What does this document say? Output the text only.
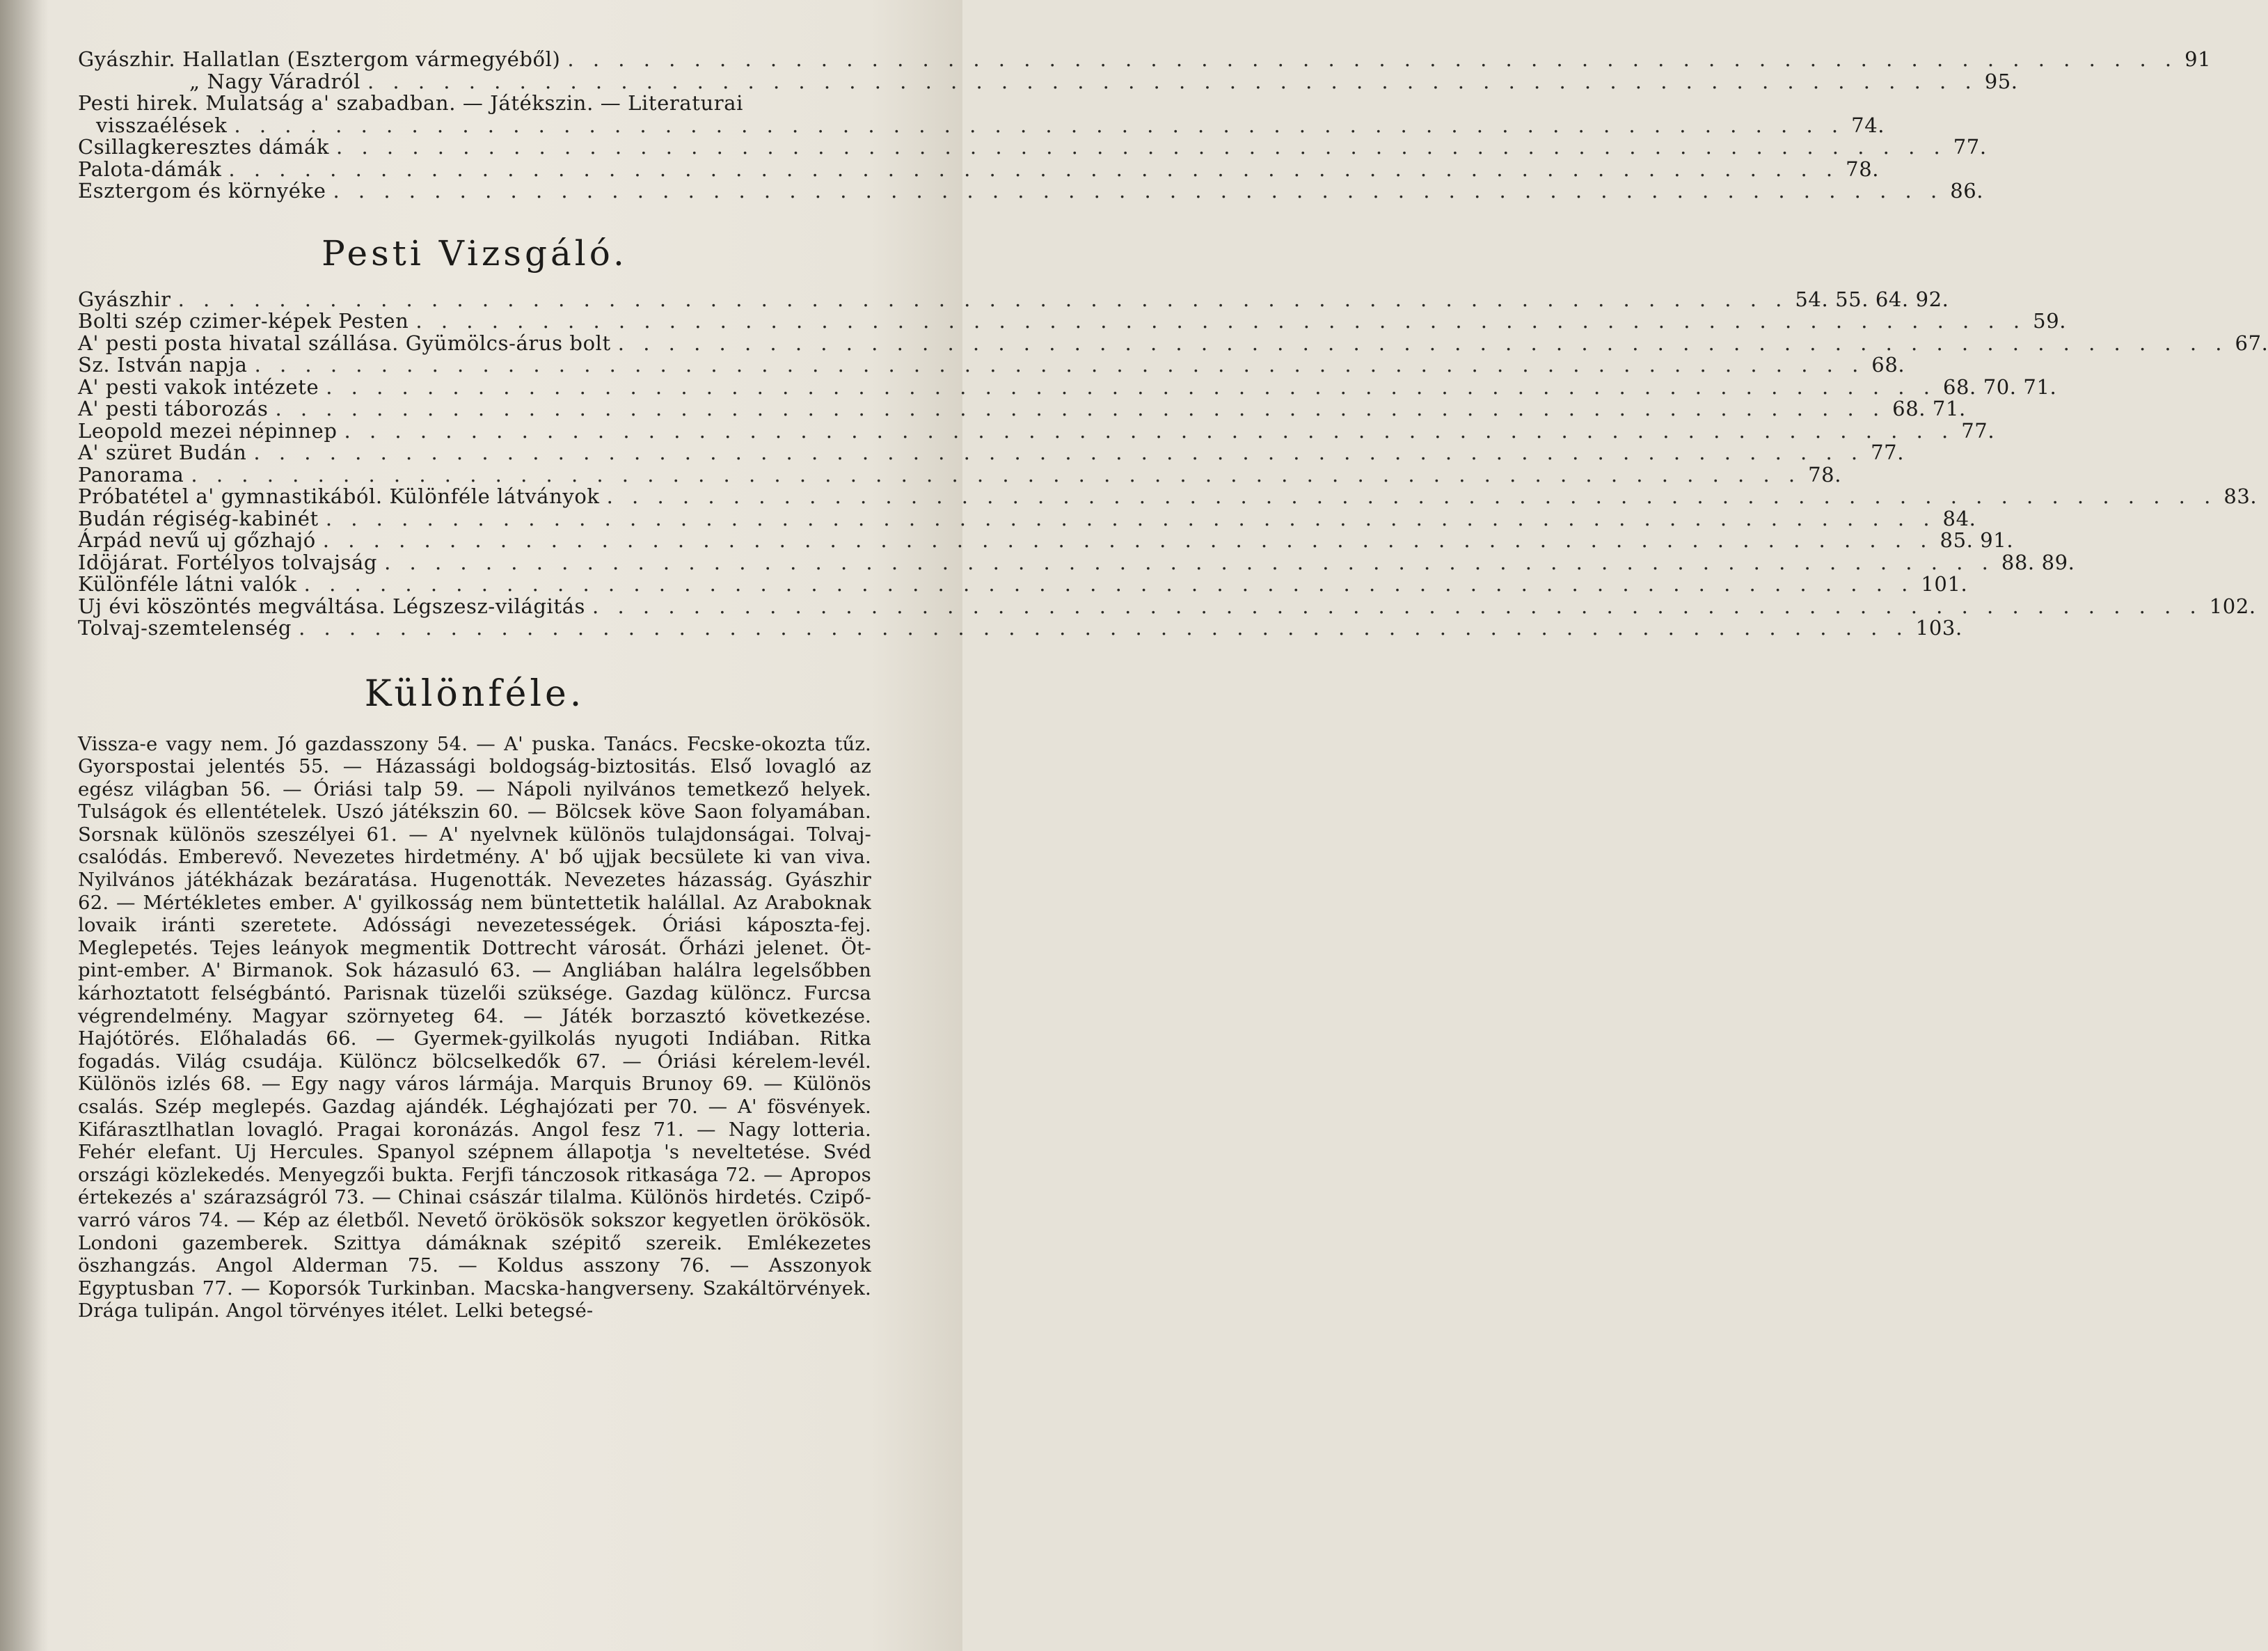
Gyászhir. Hallatlan (Esztergom vármegyéből) . . .	91
„ Nagy Váradról . . .	95.
Pesti hirek. Mulatság a' szabadban. — Játékszin. — Literaturai
visszaélések . . .	74.
Csillagkeresztes dámák . . .	77.
Palota-dámák . . .	78.
Esztergom és környéke . . .	86.
Pesti Vizsgáló.
Gyászhir . . .	54. 55. 64. 92.
Bolti szép czimer-képek Pesten . . .	59.
A' pesti posta hivatal szállása. Gyümölcs-árus bolt . . .	67.
Sz. István napja . . .	68.
A' pesti vakok intézete . . .	68. 70. 71.
A' pesti táborozás . . .	68. 71.
Leopold mezei népinnep . . .	77.
A' szüret Budán . . .	77.
Panorama . . .	78.
Próbatétel a' gymnastikából. Különféle látványok . . .	83.
Budán régiség-kabinét . . .	84.
Árpád nevű uj gőzhajó . . .	85. 91.
Idöjárat. Fortélyos tolvajság . . .	88. 89.
Különféle látni valók . . .	101.
Uj évi köszöntés megváltása. Légszesz-világitás . . .	102.
Tolvaj-szemtelenség . . .	103.
Különféle.

Vissza-e vagy nem. Jó gazdasszony 54. — A' puska. Tanács. Fecske-okozta tűz. Gyorspostai jelentés 55. — Házassági boldogság-biztositás. Első lovagló az egész világban 56. — Óriási talp 59. — Nápoli nyilvános temetkező helyek. Tulságok és ellentételek. Uszó játékszin 60. — Bölcsek köve Saon folyamában. Sorsnak különös szeszélyei 61. — A' nyelvnek különös tulajdonságai. Tolvaj-csalódás. Emberevő. Nevezetes hirdetmény. A' bő ujjak becsülete ki van viva. Nyilvános játékházak bezáratása. Hugenották. Nevezetes házasság. Gyászhir 62. — Mértékletes ember. A' gyilkosság nem büntettetik halállal. Az Araboknak lovaik iránti szeretete. Adóssági nevezetességek. Óriási káposzta-fej. Meglepetés. Tejes leányok megmentik Dottrecht városát. Őrházi jelenet. Öt-pint-ember. A' Birmanok. Sok házasuló 63. — Angliában halálra legelsőbben kárhoztatott felségbántó. Parisnak tüzelői szüksége. Gazdag különcz. Furcsa végrendelmény. Magyar szörnyeteg 64. — Játék borzasztó következése. Hajótörés. Előhaladás 66. — Gyermek-gyilkolás nyugoti Indiában. Ritka fogadás. Világ csudája. Különcz bölcselkedők 67. — Óriási kérelem-levél. Különös izlés 68. — Egy nagy város lármája. Marquis Brunoy 69. — Különös csalás. Szép meglepés. Gazdag ajándék. Léghajózati per 70. — A' fösvények. Kifárasztlhatlan lovagló. Pragai koronázás. Angol fesz 71. — Nagy lotteria. Fehér elefant. Uj Hercules. Spanyol szépnem állapotja 's neveltetése. Svéd országi közlekedés. Menyegzői bukta. Ferjfi tánczosok ritkasága 72. — Apropos értekezés a' szárazságról 73. — Chinai császár tilalma. Különös hirdetés. Czipő-varró város 74. — Kép az életből. Nevető örökösök sokszor kegyetlen örökösök. Londoni gazemberek. Szittya dámáknak szépitő szereik. Emlékezetes öszhangzás. Angol Alderman 75. — Koldus asszony 76. — Asszonyok Egyptusban 77. — Koporsók Turkinban. Macska-hangverseny. Szakáltörvények. Drága tulipán. Angol törvényes itélet. Lelki betegsé-
